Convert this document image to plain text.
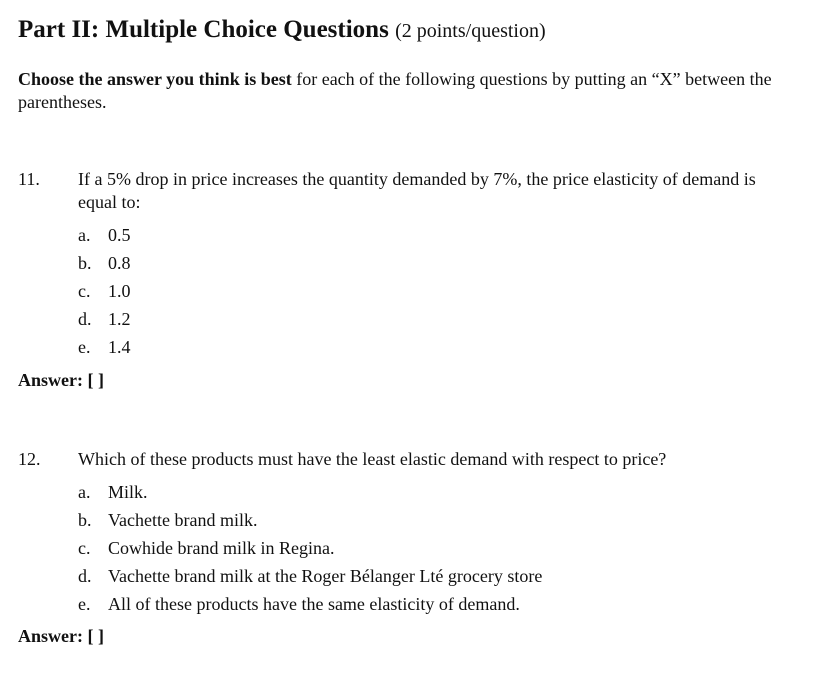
Part II: Multiple Choice Questions (2 points/question)
Choose the answer you think is best for each of the following questions by putting an “X” between the parentheses.
11. If a 5% drop in price increases the quantity demanded by 7%, the price elasticity of demand is equal to:
a. 0.5
b. 0.8
c. 1.0
d. 1.2
e. 1.4
Answer: [ ]
12. Which of these products must have the least elastic demand with respect to price?
a. Milk.
b. Vachette brand milk.
c. Cowhide brand milk in Regina.
d. Vachette brand milk at the Roger Bélanger Lté grocery store
e. All of these products have the same elasticity of demand.
Answer: [ ]
